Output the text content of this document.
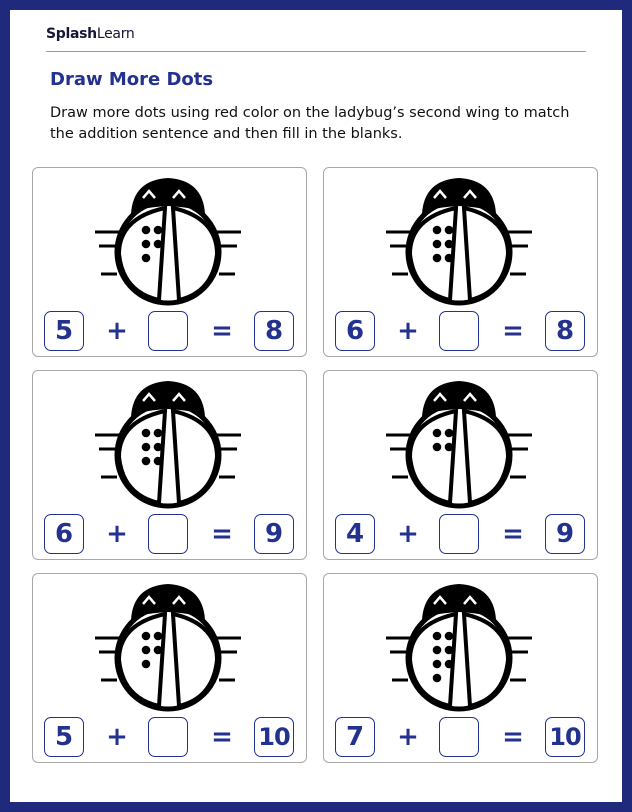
SplashLearn
Draw More Dots
Draw more dots using red color on the ladybug’s second wing to match the addition sentence and then fill in the blanks.
5	+	=	8	6	+	=	8
6	+	=	9	4	+	=	9
5	+	= 10	7	+	= 10
